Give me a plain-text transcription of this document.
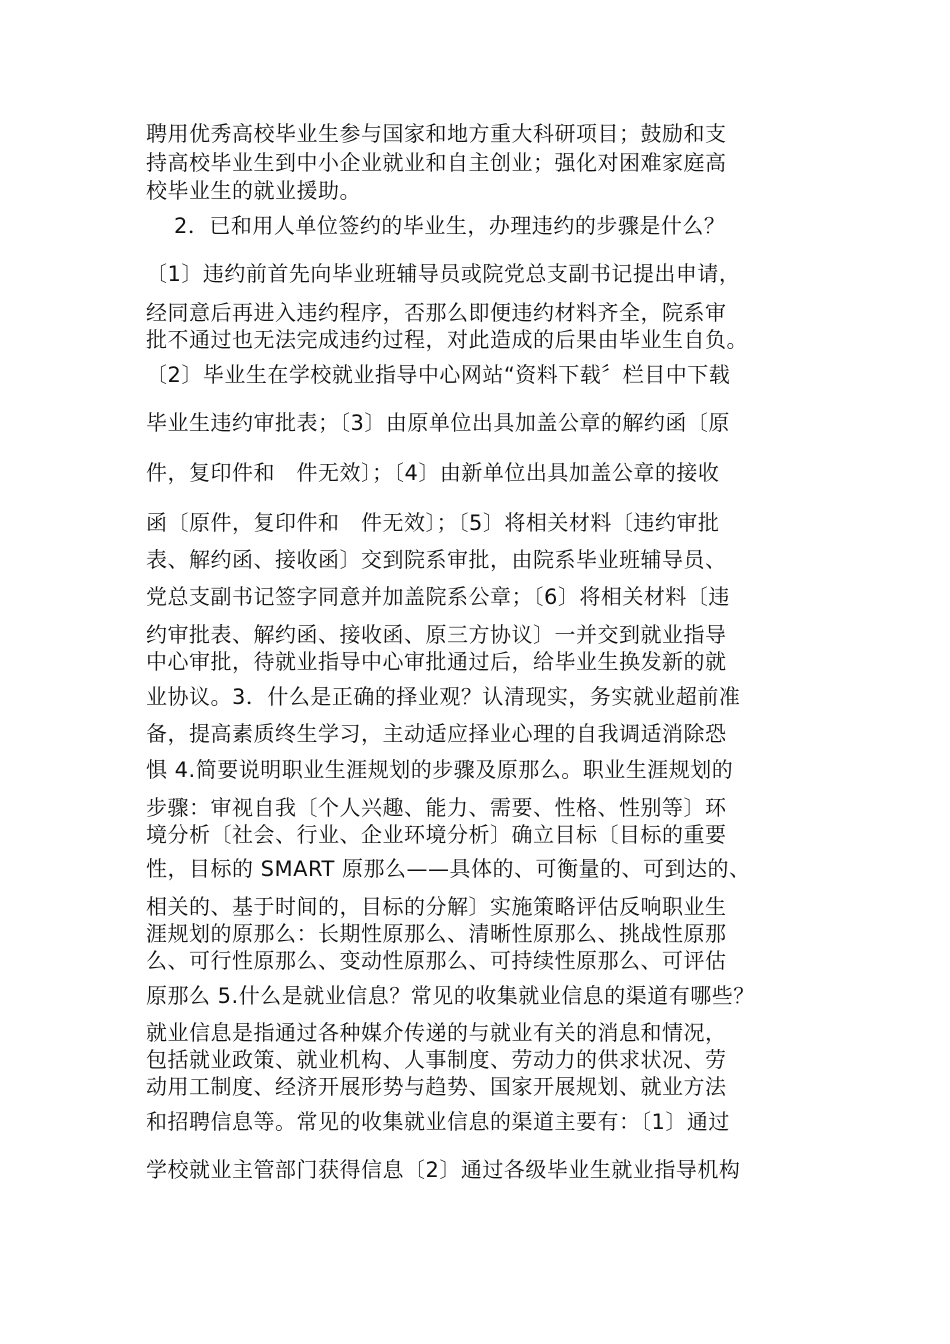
聘用优秀高校毕业生参与国家和地方重大科研项目；鼓励和支
持高校毕业生到中小企业就业和自主创业；强化对困难家庭高
校毕业生的就业援助。
2．已和用人单位签约的毕业生，办理违约的步骤是什么？
〔1〕违约前首先向毕业班辅导员或院党总支副书记提出申请，
经同意后再进入违约程序，否那么即便违约材料齐全，院系审
批不通过也无法完成违约过程，对此造成的后果由毕业生自负。
〔2〕毕业生在学校就业指导中心网站“资料下载〞栏目中下载
毕业生违约审批表；〔3〕由原单位出具加盖公章的解约函〔原
件，复印件和　件无效〕；〔4〕由新单位出具加盖公章的接收
函〔原件，复印件和　件无效〕；〔5〕将相关材料〔违约审批
表、解约函、接收函〕交到院系审批，由院系毕业班辅导员、
党总支副书记签字同意并加盖院系公章；〔6〕将相关材料〔违
约审批表、解约函、接收函、原三方协议〕一并交到就业指导
中心审批，待就业指导中心审批通过后，给毕业生换发新的就
业协议。3．什么是正确的择业观？认清现实，务实就业超前准
备，提高素质终生学习，主动适应择业心理的自我调适消除恐
惧 4.简要说明职业生涯规划的步骤及原那么。职业生涯规划的
步骤：审视自我〔个人兴趣、能力、需要、性格、性别等〕环
境分析〔社会、行业、企业环境分析〕确立目标〔目标的重要
性，目标的 SMART 原那么——具体的、可衡量的、可到达的、
相关的、基于时间的，目标的分解〕实施策略评估反响职业生
涯规划的原那么：长期性原那么、清晰性原那么、挑战性原那
么、可行性原那么、变动性原那么、可持续性原那么、可评估
原那么 5.什么是就业信息？常见的收集就业信息的渠道有哪些？
就业信息是指通过各种媒介传递的与就业有关的消息和情况，
包括就业政策、就业机构、人事制度、劳动力的供求状况、劳
动用工制度、经济开展形势与趋势、国家开展规划、就业方法
和招聘信息等。常见的收集就业信息的渠道主要有：〔1〕通过
学校就业主管部门获得信息〔2〕通过各级毕业生就业指导机构
